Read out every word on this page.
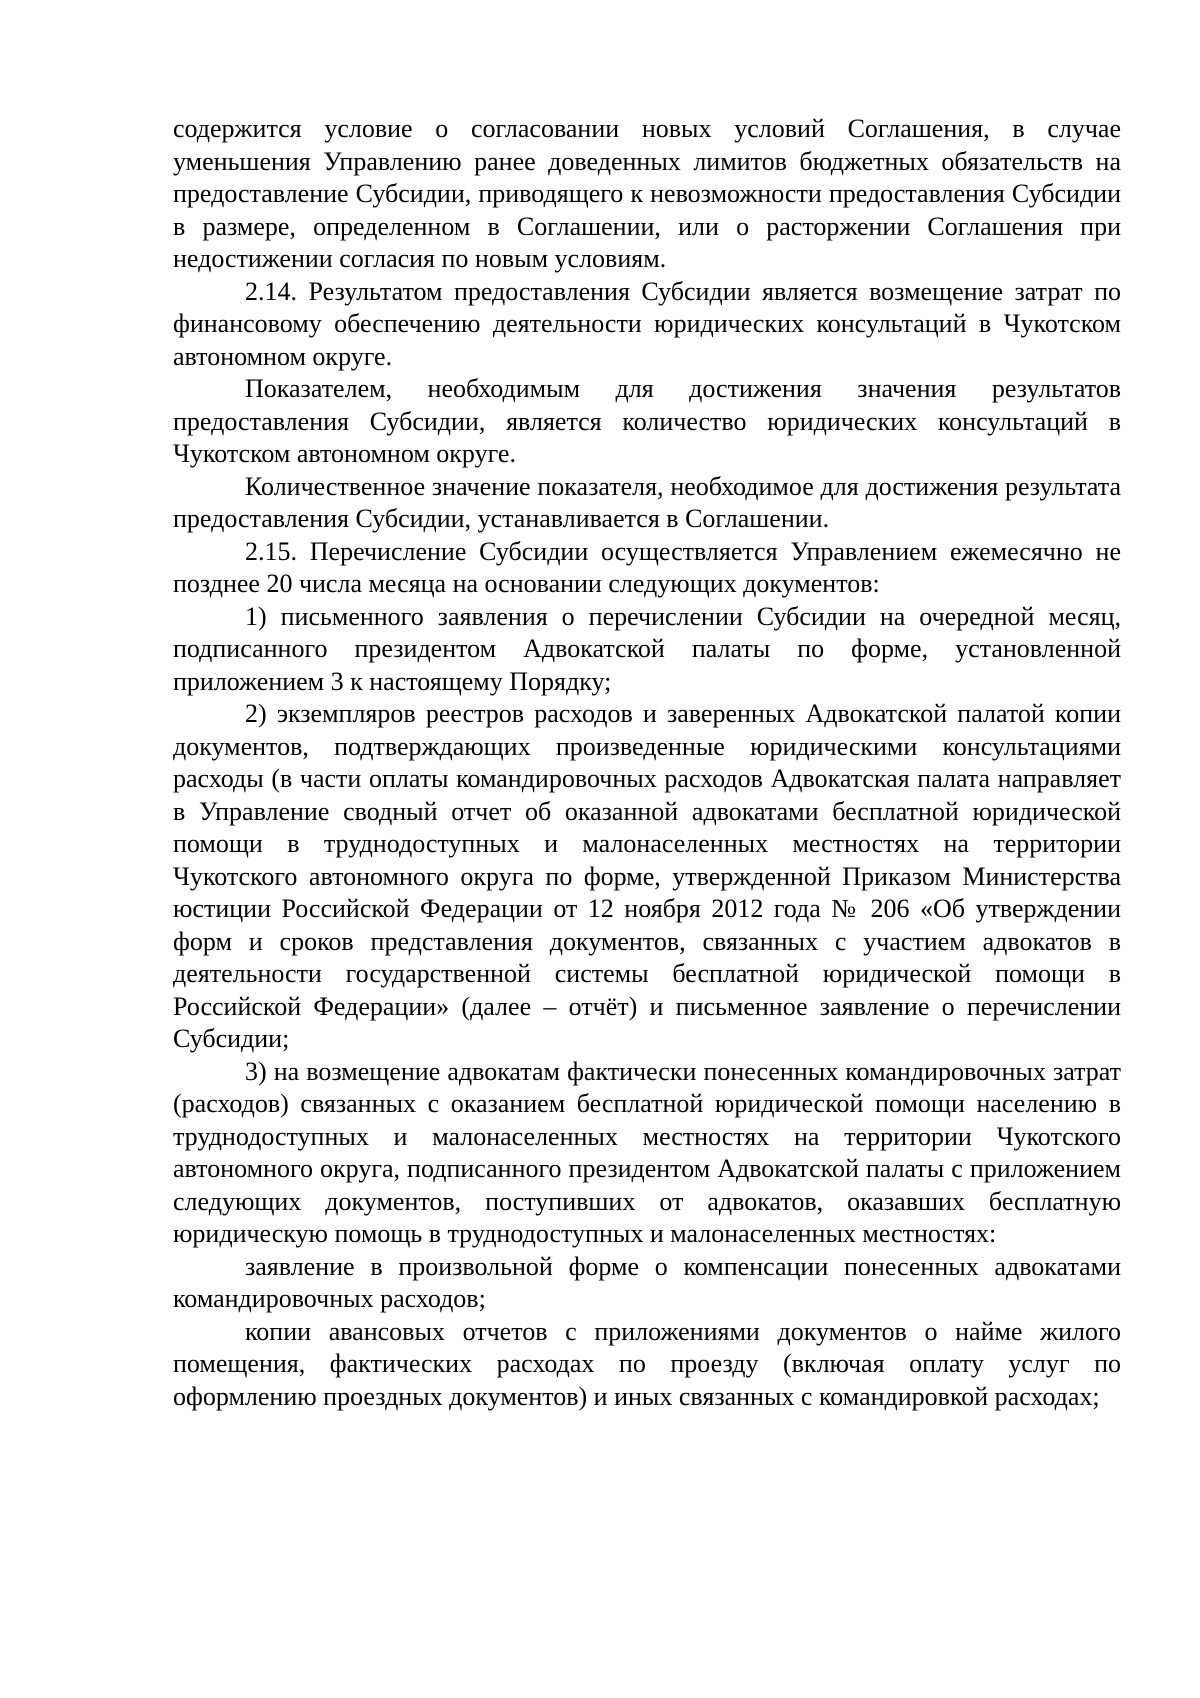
содержится условие о согласовании новых условий Соглашения, в случае уменьшения Управлению ранее доведенных лимитов бюджетных обязательств на предоставление Субсидии, приводящего к невозможности предоставления Субсидии в размере, определенном в Соглашении, или о расторжении Соглашения при недостижении согласия по новым условиям.

2.14. Результатом предоставления Субсидии является возмещение затрат по финансовому обеспечению деятельности юридических консультаций в Чукотском автономном округе.

Показателем, необходимым для достижения значения результатов предоставления Субсидии, является количество юридических консультаций в Чукотском автономном округе.

Количественное значение показателя, необходимое для достижения результата предоставления Субсидии, устанавливается в Соглашении.

2.15. Перечисление Субсидии осуществляется Управлением ежемесячно не позднее 20 числа месяца на основании следующих документов:

1) письменного заявления о перечислении Субсидии на очередной месяц, подписанного президентом Адвокатской палаты по форме, установленной приложением 3 к настоящему Порядку;

2) экземпляров реестров расходов и заверенных Адвокатской палатой копии документов, подтверждающих произведенные юридическими консультациями расходы (в части оплаты командировочных расходов Адвокатская палата направляет в Управление сводный отчет об оказанной адвокатами бесплатной юридической помощи в труднодоступных и малонаселенных местностях на территории Чукотского автономного округа по форме, утвержденной Приказом Министерства юстиции Российской Федерации от 12 ноября 2012 года № 206 «Об утверждении форм и сроков представления документов, связанных с участием адвокатов в деятельности государственной системы бесплатной юридической помощи в Российской Федерации» (далее – отчёт) и письменное заявление о перечислении Субсидии;

3) на возмещение адвокатам фактически понесенных командировочных затрат (расходов) связанных с оказанием бесплатной юридической помощи населению в труднодоступных и малонаселенных местностях на территории Чукотского автономного округа, подписанного президентом Адвокатской палаты с приложением следующих документов, поступивших от адвокатов, оказавших бесплатную юридическую помощь в труднодоступных и малонаселенных местностях:

заявление в произвольной форме о компенсации понесенных адвокатами командировочных расходов;

копии авансовых отчетов с приложениями документов о найме жилого помещения, фактических расходах по проезду (включая оплату услуг по оформлению проездных документов) и иных связанных с командировкой расходах;
